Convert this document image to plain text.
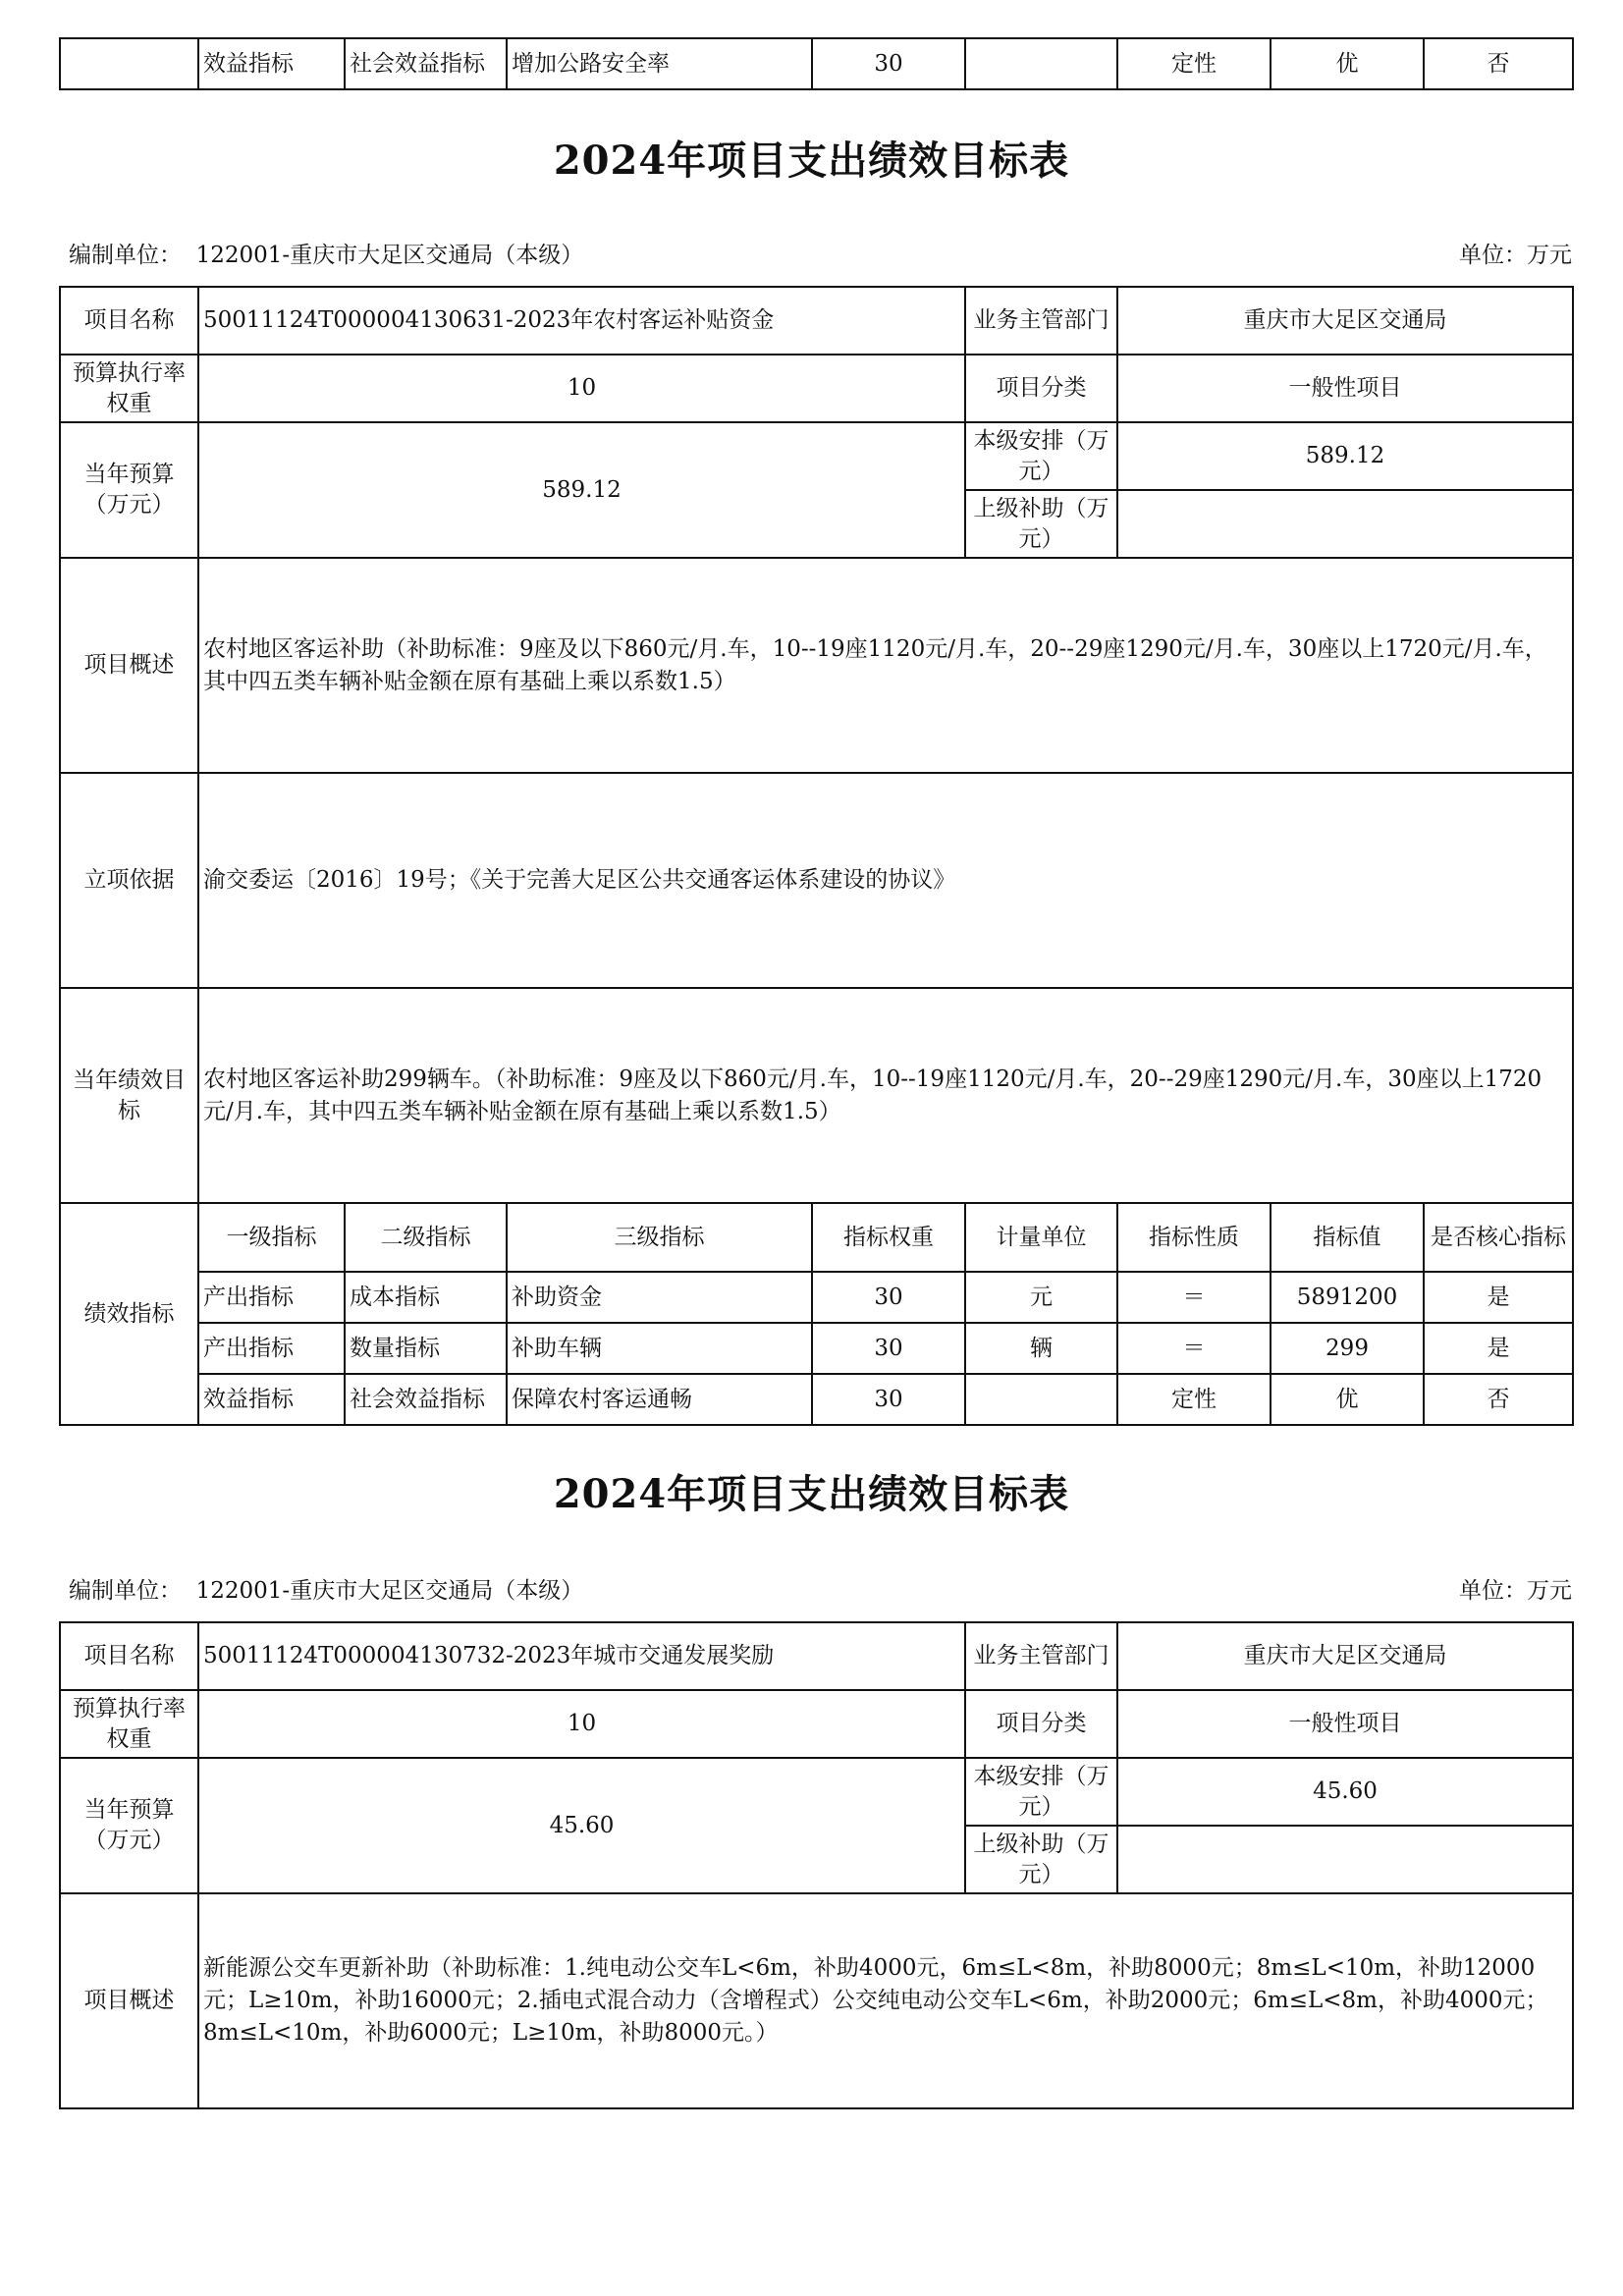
	效益指标	社会效益指标	增加公路安全率	30		定性	优	否
2024年项目支出绩效目标表
编制单位： 122001-重庆市大足区交通局（本级）	单位：万元
项目名称	50011124T000004130631-2023年农村客运补贴资金				业务主管部门	重庆市大足区交通局		
预算执行率权重	10				项目分类	一般性项目		
当年预算（万元）	589.12				本级安排（万元）	589.12		
					上级补助（万元）			
项目概述	农村地区客运补助（补助标准：9座及以下860元/月.车，10--19座1120元/月.车，20--29座1290元/月.车，30座以上1720元/月.车，其中四五类车辆补贴金额在原有基础上乘以系数1.5）							
立项依据	渝交委运〔2016〕19号；《关于完善大足区公共交通客运体系建设的协议》							
当年绩效目标	农村地区客运补助299辆车。（补助标准：9座及以下860元/月.车，10--19座1120元/月.车，20--29座1290元/月.车，30座以上1720元/月.车，其中四五类车辆补贴金额在原有基础上乘以系数1.5）							
绩效指标	一级指标	二级指标	三级指标	指标权重	计量单位	指标性质	指标值	是否核心指标
	产出指标	成本指标	补助资金	30	元	＝	5891200	是
	产出指标	数量指标	补助车辆	30	辆	＝	299	是
	效益指标	社会效益指标	保障农村客运通畅	30		定性	优	否
2024年项目支出绩效目标表
编制单位： 122001-重庆市大足区交通局（本级）	单位：万元
项目名称	50011124T000004130732-2023年城市交通发展奖励	业务主管部门	重庆市大足区交通局
预算执行率权重	10	项目分类	一般性项目
当年预算（万元）	45.60	本级安排（万元）	45.60
		上级补助（万元）	
项目概述	新能源公交车更新补助（补助标准：1.纯电动公交车L<6m，补助4000元，6m≤L<8m，补助8000元；8m≤L<10m，补助12000元；L≥10m，补助16000元；2.插电式混合动力（含增程式）公交纯电动公交车L<6m，补助2000元；6m≤L<8m，补助4000元；8m≤L<10m，补助6000元；L≥10m，补助8000元。）		
